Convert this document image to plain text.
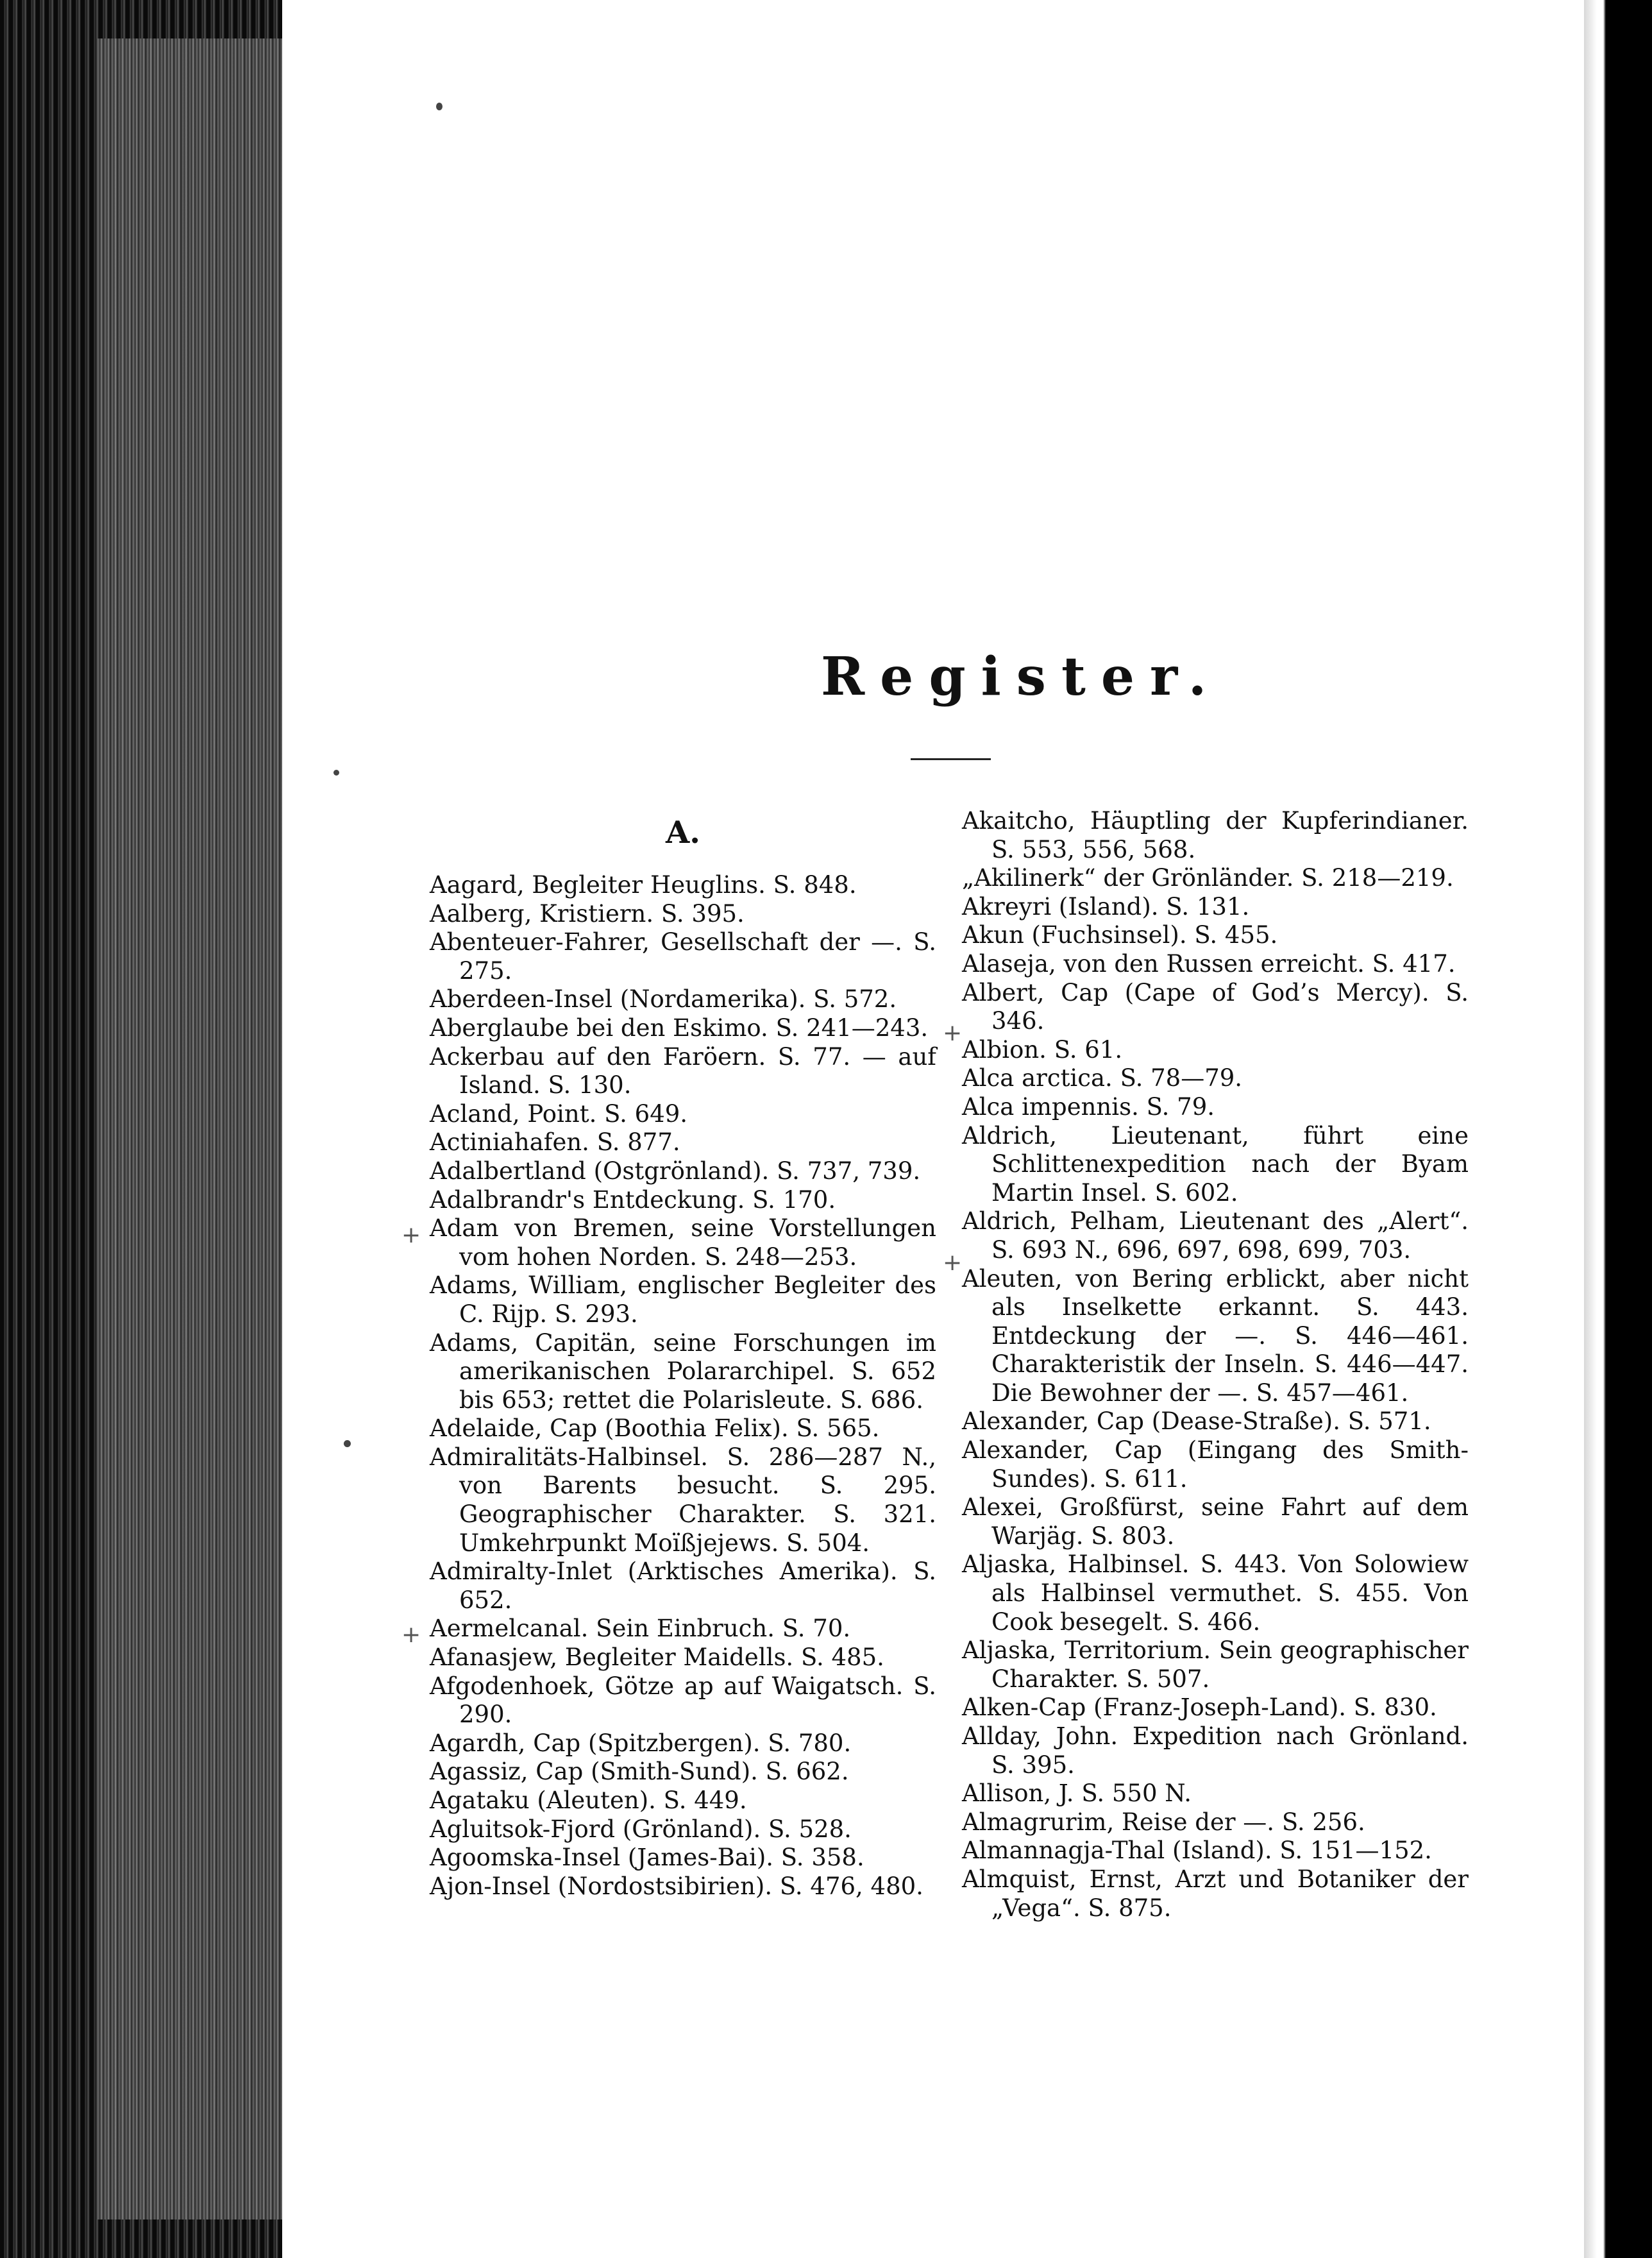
Register.
A.

Aagard, Begleiter Heuglins. S. 848.

Aalberg, Kristiern. S. 395.

Abenteuer-Fahrer, Gesellschaft der —. S. 275.

Aberdeen-Insel (Nordamerika). S. 572.

Aberglaube bei den Eskimo. S. 241—243.

Ackerbau auf den Faröern. S. 77. — auf Island. S. 130.

Acland, Point. S. 649.

Actiniahafen. S. 877.

Adalbertland (Ostgrönland). S. 737, 739.

Adalbrandr's Entdeckung. S. 170.

Adam von Bremen, seine Vorstellungen vom hohen Norden. S. 248—253.

Adams, William, englischer Begleiter des C. Rijp. S. 293.

Adams, Capitän, seine Forschungen im amerikanischen Polararchipel. S. 652 bis 653; rettet die Polarisleute. S. 686.

Adelaide, Cap (Boothia Felix). S. 565.

Admiralitäts-Halbinsel. S. 286—287 N., von Barents besucht. S. 295. Geographischer Charakter. S. 321. Umkehrpunkt Moïßjejews. S. 504.

Admiralty-Inlet (Arktisches Amerika). S. 652.

Aermelcanal. Sein Einbruch. S. 70.

Afanasjew, Begleiter Maidells. S. 485.

Afgodenhoek, Götze ap auf Waigatsch. S. 290.

Agardh, Cap (Spitzbergen). S. 780.

Agassiz, Cap (Smith-Sund). S. 662.

Agataku (Aleuten). S. 449.

Agluitsok-Fjord (Grönland). S. 528.

Agoomska-Insel (James-Bai). S. 358.

Ajon-Insel (Nordostsibirien). S. 476, 480.

Akaitcho, Häuptling der Kupferindianer. S. 553, 556, 568.

„Akilinerk“ der Grönländer. S. 218—219.

Akreyri (Island). S. 131.

Akun (Fuchsinsel). S. 455.

Alaseja, von den Russen erreicht. S. 417.

Albert, Cap (Cape of God’s Mercy). S. 346.

Albion. S. 61.

Alca arctica. S. 78—79.

Alca impennis. S. 79.

Aldrich, Lieutenant, führt eine Schlittenexpedition nach der Byam Martin Insel. S. 602.

Aldrich, Pelham, Lieutenant des „Alert“. S. 693 N., 696, 697, 698, 699, 703.

Aleuten, von Bering erblickt, aber nicht als Inselkette erkannt. S. 443. Entdeckung der —. S. 446—461. Charakteristik der Inseln. S. 446—447. Die Bewohner der —. S. 457—461.

Alexander, Cap (Dease-Straße). S. 571.

Alexander, Cap (Eingang des Smith-Sundes). S. 611.

Alexei, Großfürst, seine Fahrt auf dem Warjäg. S. 803.

Aljaska, Halbinsel. S. 443. Von Solowiew als Halbinsel vermuthet. S. 455. Von Cook besegelt. S. 466.

Aljaska, Territorium. Sein geographischer Charakter. S. 507.

Alken-Cap (Franz-Joseph-Land). S. 830.

Allday, John. Expedition nach Grönland. S. 395.

Allison, J. S. 550 N.

Almagrurim, Reise der —. S. 256.

Almannagja-Thal (Island). S. 151—152.

Almquist, Ernst, Arzt und Botaniker der „Vega“. S. 875.

+
+
+
+
